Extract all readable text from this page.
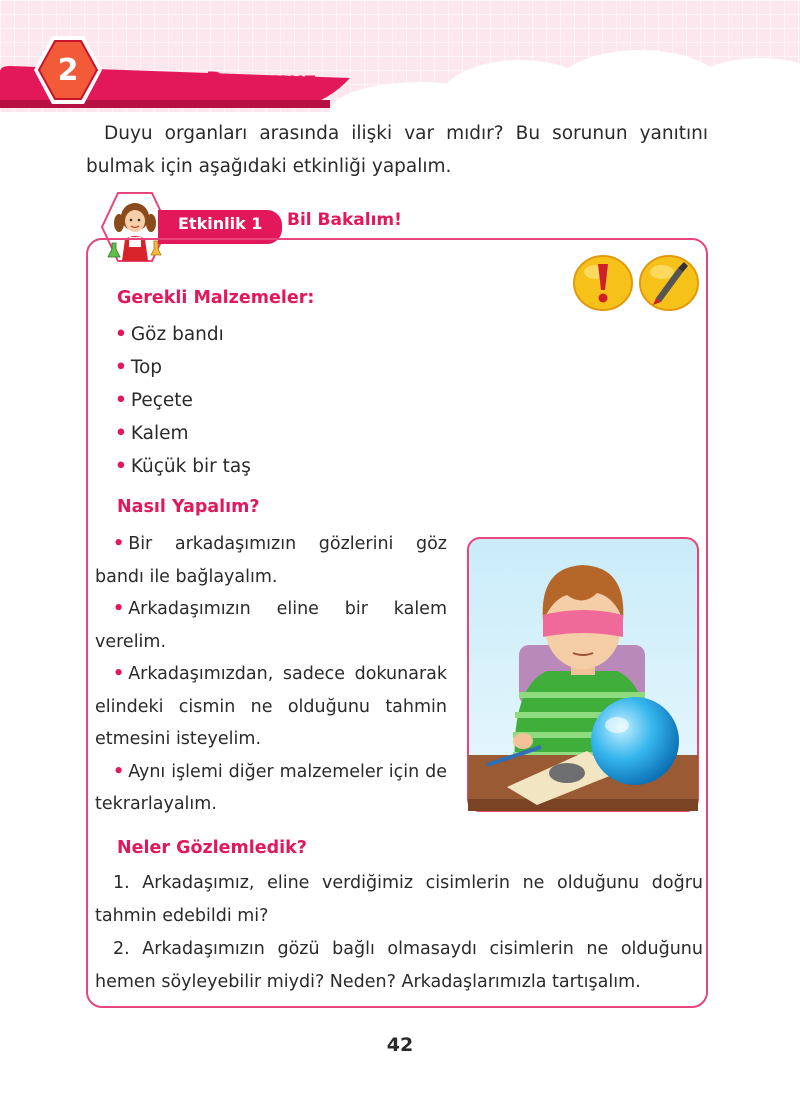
2	Beş Duyumuz

Duyu organları arasında ilişki var mıdır? Bu sorunun yanıtını bulmak için aşağıdaki etkinliği yapalım.

Etkinlik 1 Bil Bakalım!
Gerekli Malzemeler:
• Göz bandı
• Top
• Peçete
• Kalem
• Küçük bir taş
Nasıl Yapalım?

• Bir arkadaşımızın gözlerini göz bandı ile bağlayalım.

• Arkadaşımızın eline bir kalem verelim.

• Arkadaşımızdan, sadece dokunarak elindeki cismin ne olduğunu tahmin etmesini isteyelim.

• Aynı işlemi diğer malzemeler için de tekrarlayalım.

Neler Gözlemledik?

1. Arkadaşımız, eline verdiğimiz cisimlerin ne olduğunu doğru tahmin edebildi mi?

2. Arkadaşımızın gözü bağlı olmasaydı cisimlerin ne olduğunu hemen söyleyebilir miydi? Neden? Arkadaşlarımızla tartışalım.

42
